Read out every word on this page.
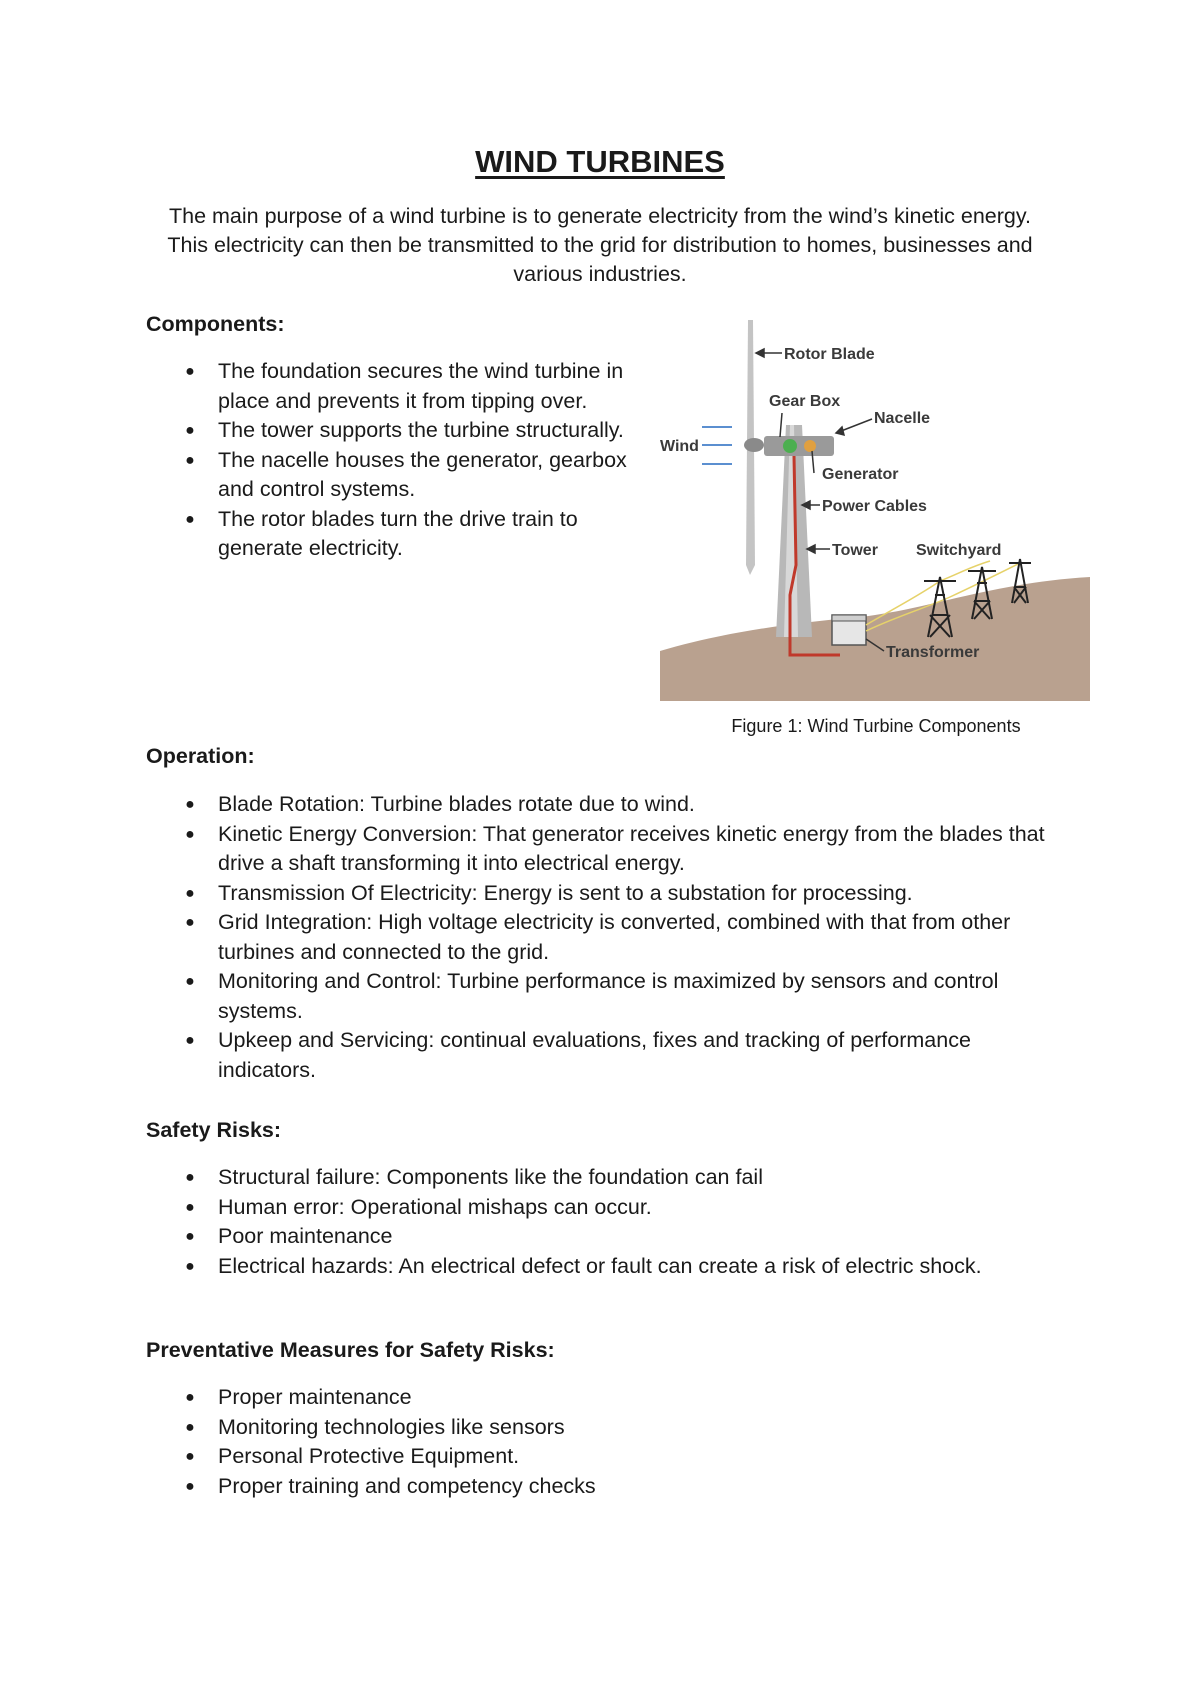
WIND TURBINES

The main purpose of a wind turbine is to generate electricity from the wind’s kinetic energy. This electricity can then be transmitted to the grid for distribution to homes, businesses and various industries.

Components:
● The foundation secures the wind turbine in place and prevents it from tipping over.
● The tower supports the turbine structurally.
● The nacelle houses the generator, gearbox and control systems.
● The rotor blades turn the drive train to generate electricity.
Rotor Blade
Gear Box
Nacelle
Wind
Generator
Power Cables
Tower Switchyard
Transformer

Figure 1: Wind Turbine Components

Operation:
● Blade Rotation: Turbine blades rotate due to wind.
● Kinetic Energy Conversion: That generator receives kinetic energy from the blades that drive a shaft transforming it into electrical energy.
● Transmission Of Electricity: Energy is sent to a substation for processing.
● Grid Integration: High voltage electricity is converted, combined with that from other turbines and connected to the grid.
● Monitoring and Control: Turbine performance is maximized by sensors and control systems.
● Upkeep and Servicing: continual evaluations, fixes and tracking of performance indicators.
Safety Risks:
● Structural failure: Components like the foundation can fail
● Human error: Operational mishaps can occur.
● Poor maintenance
● Electrical hazards: An electrical defect or fault can create a risk of electric shock.
Preventative Measures for Safety Risks:
● Proper maintenance
● Monitoring technologies like sensors
● Personal Protective Equipment.
● Proper training and competency checks
